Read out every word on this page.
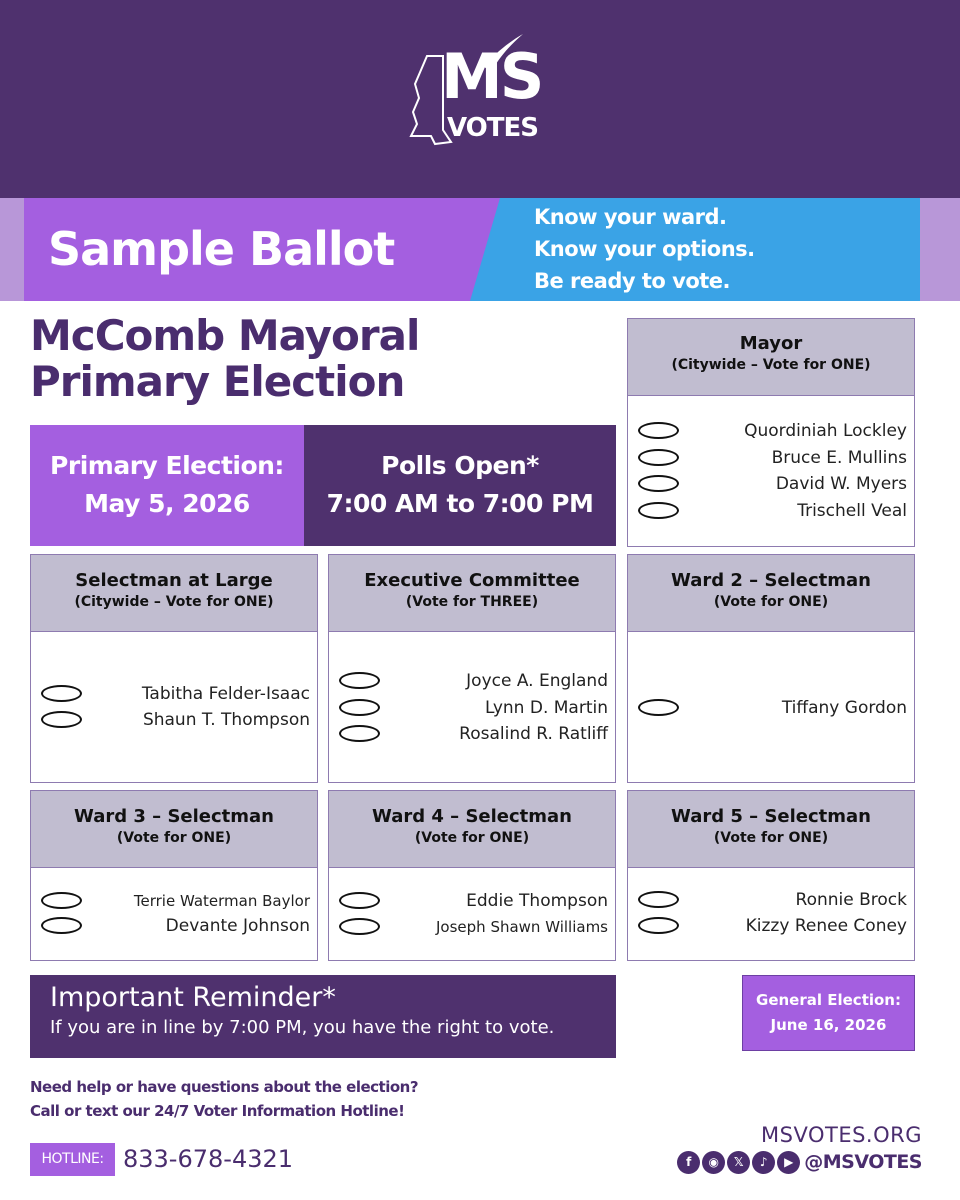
MS
VOTES
Sample Ballot
Know your ward.
Know your options.
Be ready to vote.
McComb Mayoral
Primary Election
Primary Election:
May 5, 2026
Polls Open*
7:00 AM to 7:00 PM
Mayor
(Citywide – Vote for ONE)
Quordiniah Lockley
Bruce E. Mullins
David W. Myers
Trischell Veal
Selectman at Large
(Citywide – Vote for ONE)
Tabitha Felder-Isaac
Shaun T. Thompson
Executive Committee
(Vote for THREE)
Joyce A. England
Lynn D. Martin
Rosalind R. Ratliff
Ward 2 – Selectman
(Vote for ONE)
Tiffany Gordon
Ward 3 – Selectman
(Vote for ONE)
Terrie Waterman Baylor
Devante Johnson
Ward 4 – Selectman
(Vote for ONE)
Eddie Thompson
Joseph Shawn Williams
Ward 5 – Selectman
(Vote for ONE)
Ronnie Brock
Kizzy Renee Coney
Important Reminder*
If you are in line by 7:00 PM, you have the right to vote.
General Election:
June 16, 2026
Need help or have questions about the election?
Call or text our 24/7 Voter Information Hotline!
HOTLINE: 833-678-4321
MSVOTES.ORG
f	◉	𝕏	♪	▶ @MSVOTES
